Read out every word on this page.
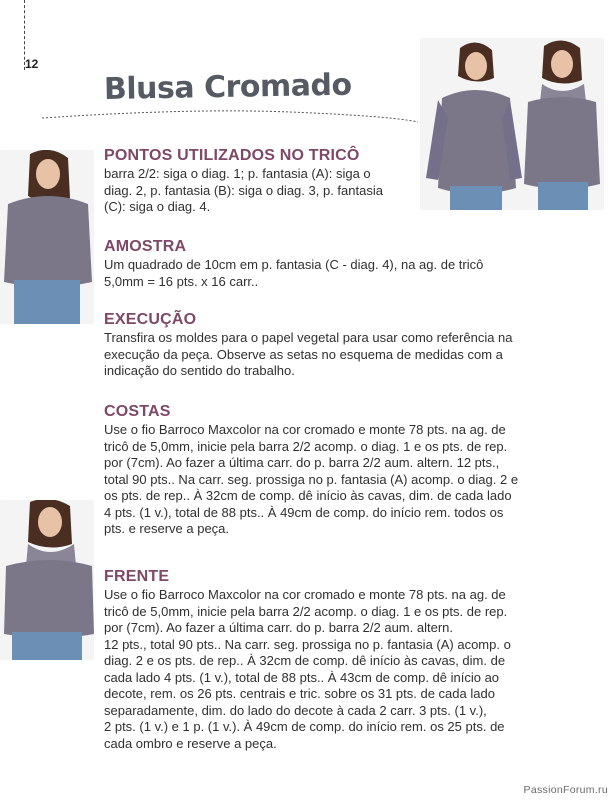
12
Blusa Cromado
PONTOS UTILIZADOS NO TRICÔ
barra 2/2: siga o diag. 1; p. fantasia (A): siga o
diag. 2, p. fantasia (B): siga o diag. 3, p. fantasia
(C): siga o diag. 4.
AMOSTRA
Um quadrado de 10cm em p. fantasia (C - diag. 4), na ag. de tricô
5,0mm = 16 pts. x 16 carr..
EXECUÇÃO
Transfira os moldes para o papel vegetal para usar como referência na
execução da peça. Observe as setas no esquema de medidas com a
indicação do sentido do trabalho.
COSTAS
Use o fio Barroco Maxcolor na cor cromado e monte 78 pts. na ag. de
tricô de 5,0mm, inicie pela barra 2/2 acomp. o diag. 1 e os pts. de rep.
por (7cm). Ao fazer a última carr. do p. barra 2/2 aum. altern. 12 pts.,
total 90 pts.. Na carr. seg. prossiga no p. fantasia (A) acomp. o diag. 2 e
os pts. de rep.. À 32cm de comp. dê início às cavas, dim. de cada lado
4 pts. (1 v.), total de 88 pts.. À 49cm de comp. do início rem. todos os
pts. e reserve a peça.
FRENTE
Use o fio Barroco Maxcolor na cor cromado e monte 78 pts. na ag. de
tricô de 5,0mm, inicie pela barra 2/2 acomp. o diag. 1 e os pts. de rep.
por (7cm). Ao fazer a última carr. do p. barra 2/2 aum. altern.
12 pts., total 90 pts.. Na carr. seg. prossiga no p. fantasia (A) acomp. o
diag. 2 e os pts. de rep.. À 32cm de comp. dê início às cavas, dim. de
cada lado 4 pts. (1 v.), total de 88 pts.. À 43cm de comp. dê início ao
decote, rem. os 26 pts. centrais e tric. sobre os 31 pts. de cada lado
separadamente, dim. do lado do decote à cada 2 carr. 3 pts. (1 v.),
2 pts. (1 v.) e 1 p. (1 v.). À 49cm de comp. do início rem. os 25 pts. de
cada ombro e reserve a peça.
PassionForum.ru
